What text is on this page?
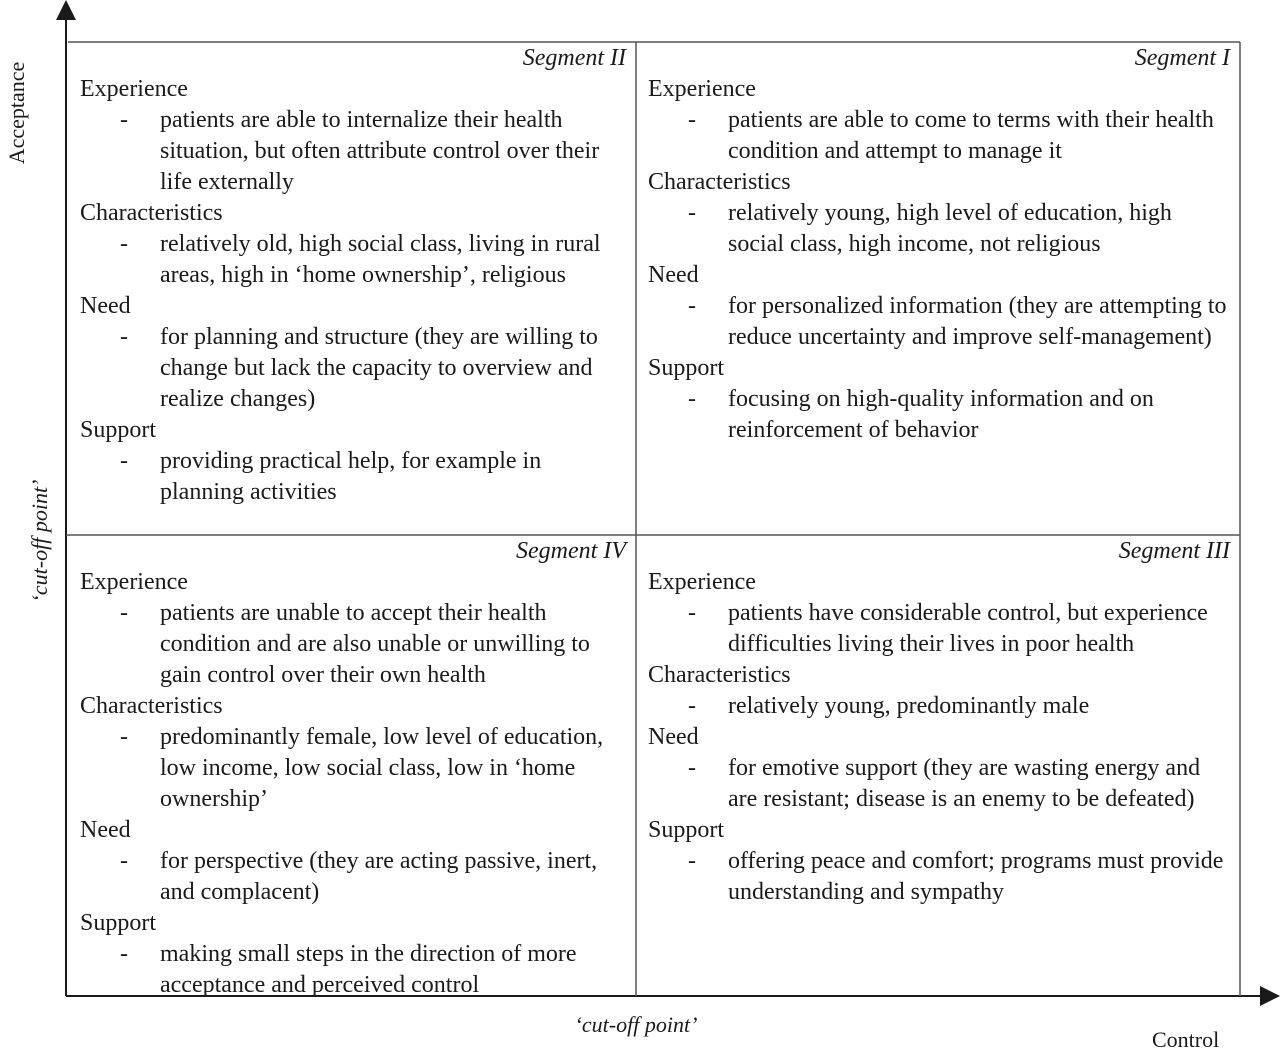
Acceptance
‘cut-off point’
‘cut-off point’
Control
Segment II
Experience
- patients are able to internalize their health situation, but often attribute control over their life externally
Characteristics
- relatively old, high social class, living in rural areas, high in ‘home ownership’, religious
Need
- for planning and structure (they are willing to change but lack the capacity to overview and realize changes)
Support
- providing practical help, for example in planning activities
Segment I
Experience
- patients are able to come to terms with their health condition and attempt to manage it
Characteristics
- relatively young, high level of education, high social class, high income, not religious
Need
- for personalized information (they are attempting to reduce uncertainty and improve self-management)
Support
- focusing on high-quality information and on reinforcement of behavior
Segment IV
Experience
- patients are unable to accept their health condition and are also unable or unwilling to gain control over their own health
Characteristics
- predominantly female, low level of education, low income, low social class, low in ‘home ownership’
Need
- for perspective (they are acting passive, inert, and complacent)
Support
- making small steps in the direction of more acceptance and perceived control
Segment III
Experience
- patients have considerable control, but experience difficulties living their lives in poor health
Characteristics
- relatively young, predominantly male
Need
- for emotive support (they are wasting energy and are resistant; disease is an enemy to be defeated)
Support
- offering peace and comfort; programs must provide understanding and sympathy
